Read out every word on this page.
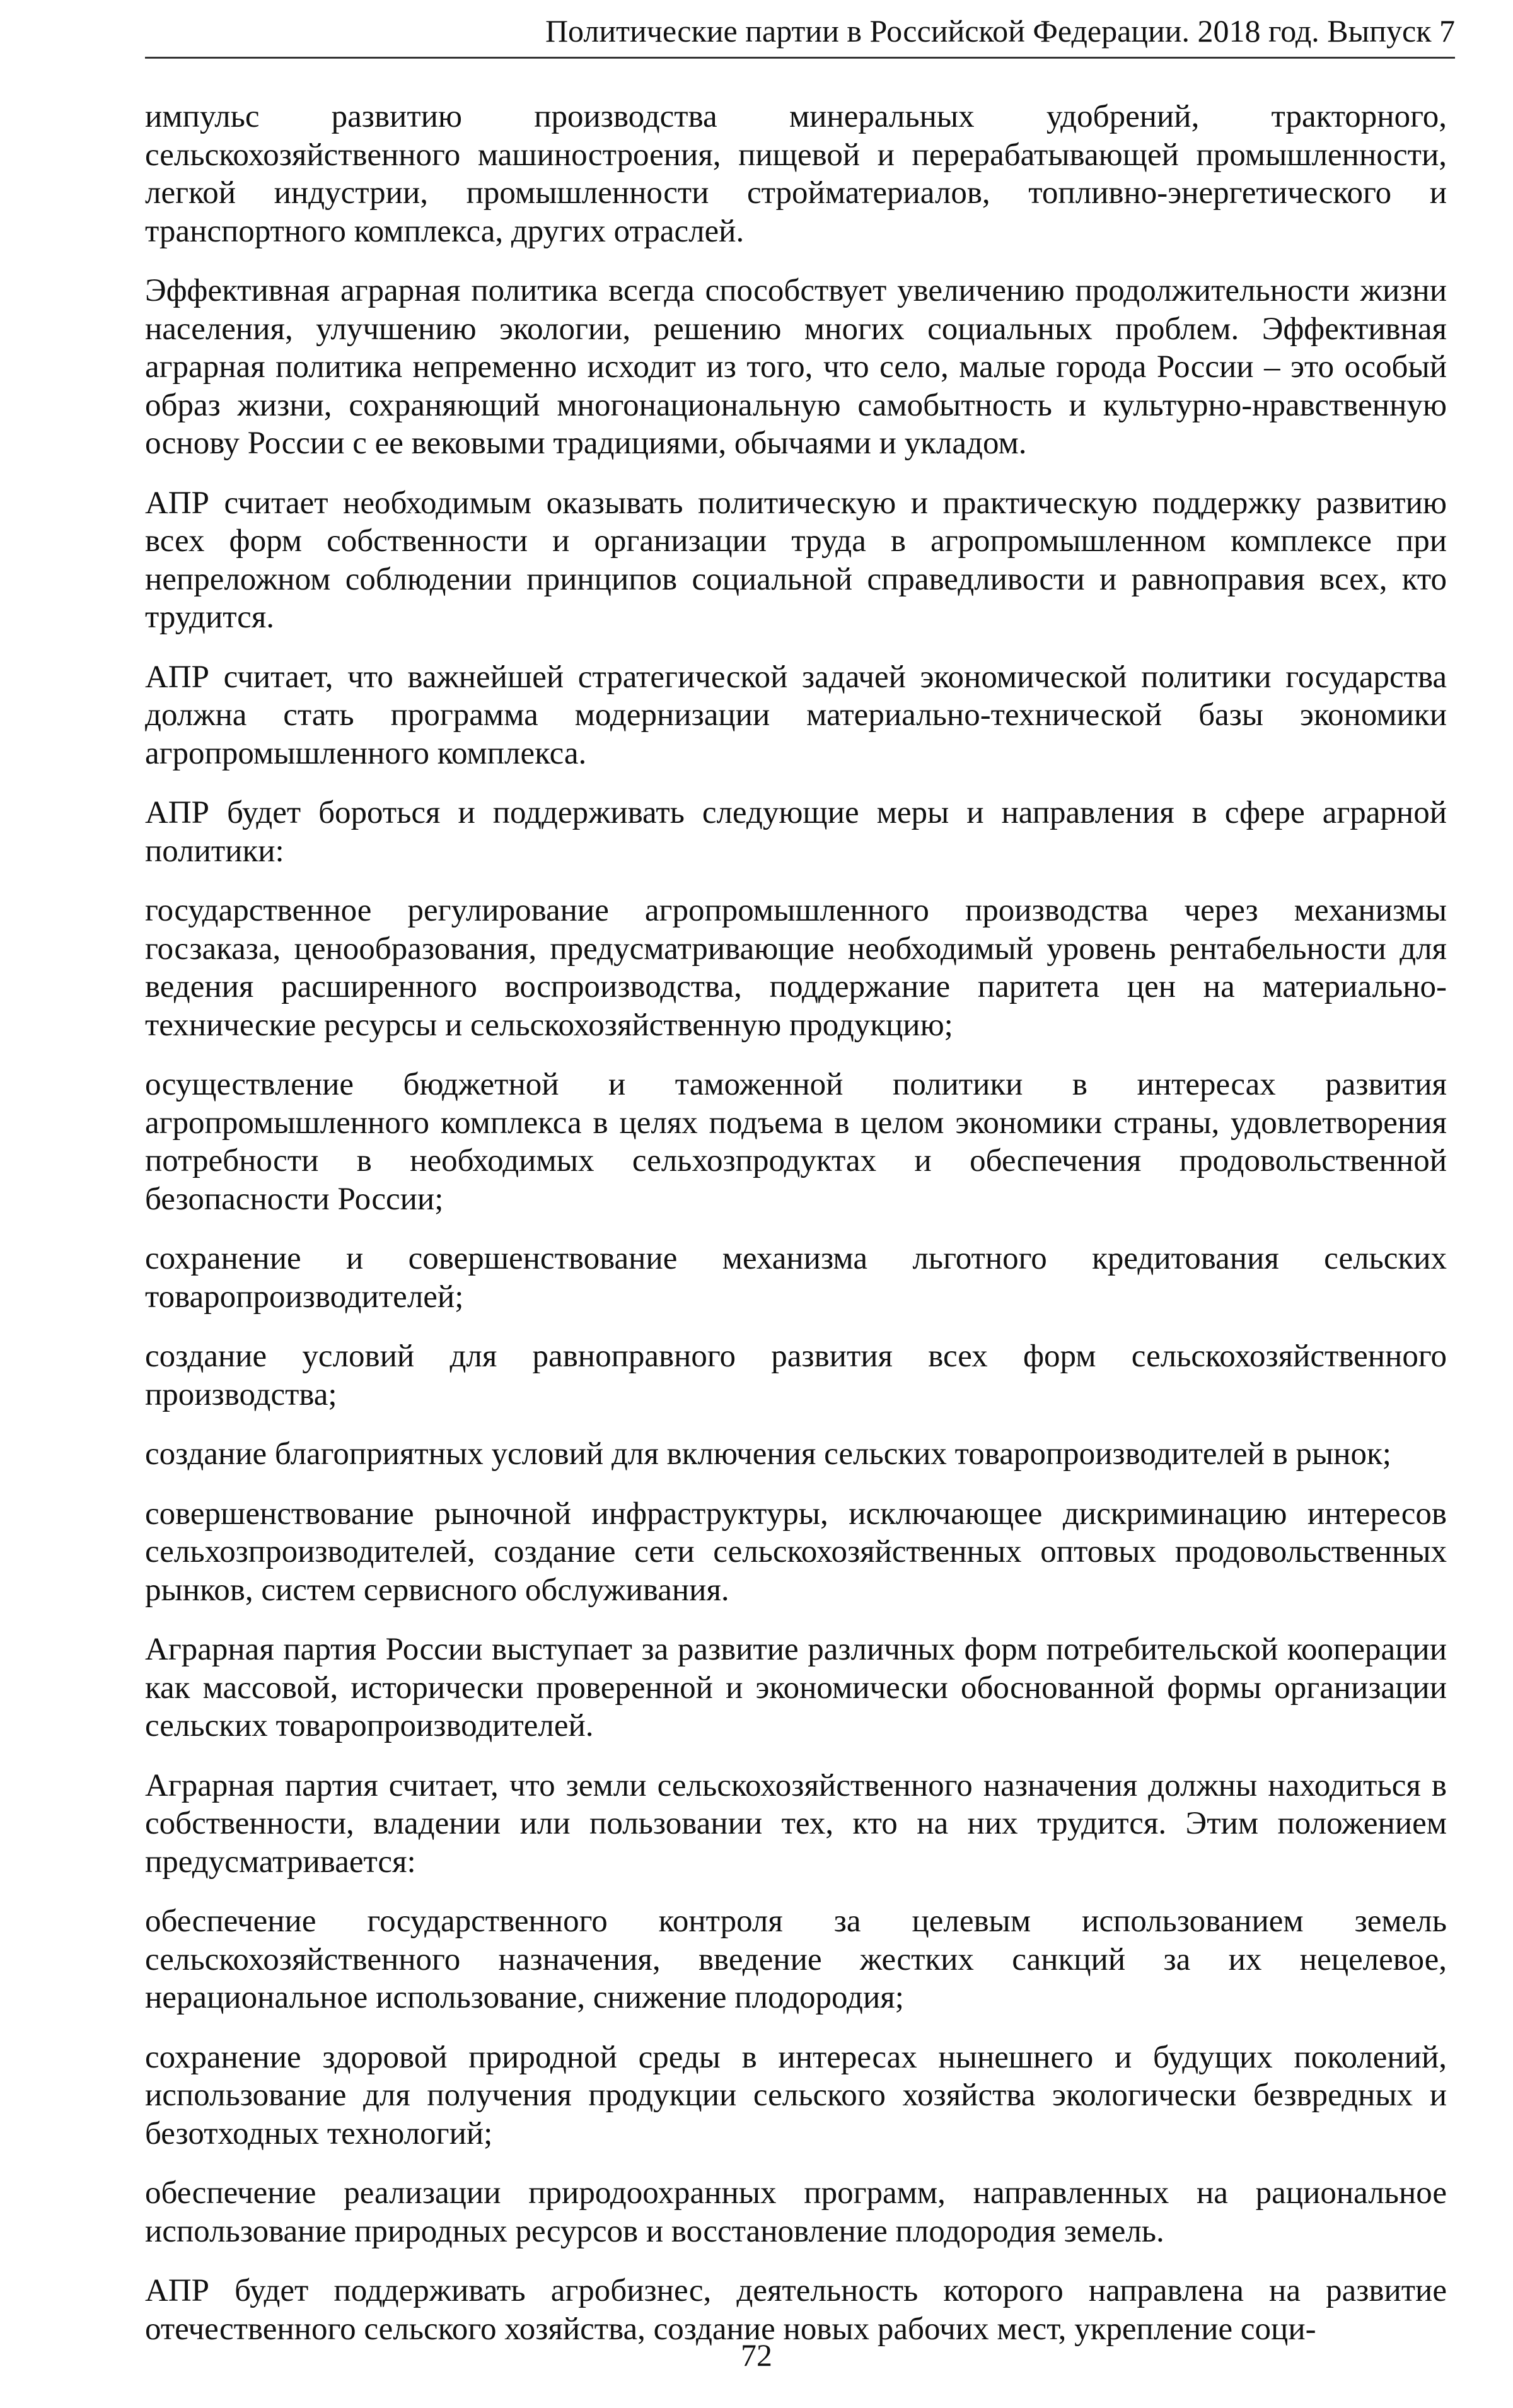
Политические партии в Российской Федерации. 2018 год. Выпуск 7

импульс развитию производства минеральных удобрений, тракторного, сельскохозяйственного машиностроения, пищевой и перерабатывающей промышленности, легкой индустрии, промышленности стройматериалов, топливно-энергетического и транспортного комплекса, других отраслей.

Эффективная аграрная политика всегда способствует увеличению продолжительности жизни населения, улучшению экологии, решению многих социальных проблем. Эффективная аграрная политика непременно исходит из того, что село, малые города России – это особый образ жизни, сохраняющий многонациональную самобытность и культурно-нравственную основу России с ее вековыми традициями, обычаями и укладом.

АПР считает необходимым оказывать политическую и практическую поддержку развитию всех форм собственности и организации труда в агропромышленном комплексе при непреложном соблюдении принципов социальной справедливости и равноправия всех, кто трудится.

АПР считает, что важнейшей стратегической задачей экономической политики государства должна стать программа модернизации материально-технической базы экономики агропромышленного комплекса.

АПР будет бороться и поддерживать следующие меры и направления в сфере аграрной политики:

государственное регулирование агропромышленного производства через механизмы госзаказа, ценообразования, предусматривающие необходимый уровень рентабельности для ведения расширенного воспроизводства, поддержание паритета цен на материально-технические ресурсы и сельскохозяйственную продукцию;

осуществление бюджетной и таможенной политики в интересах развития агропромышленного комплекса в целях подъема в целом экономики страны, удовлетворения потребности в необходимых сельхозпродуктах и обеспечения продовольственной безопасности России;

сохранение и совершенствование механизма льготного кредитования сельских товаропроизводителей;

создание условий для равноправного развития всех форм сельскохозяйственного производства;

создание благоприятных условий для включения сельских товаропроизводителей в рынок;

совершенствование рыночной инфраструктуры, исключающее дискриминацию интересов сельхозпроизводителей, создание сети сельскохозяйственных оптовых продовольственных рынков, систем сервисного обслуживания.

Аграрная партия России выступает за развитие различных форм потребительской кооперации как массовой, исторически проверенной и экономически обоснованной формы организации сельских товаропроизводителей.

Аграрная партия считает, что земли сельскохозяйственного назначения должны находиться в собственности, владении или пользовании тех, кто на них трудится. Этим положением предусматривается:

обеспечение государственного контроля за целевым использованием земель сельскохозяйственного назначения, введение жестких санкций за их нецелевое, нерациональное использование, снижение плодородия;

сохранение здоровой природной среды в интересах нынешнего и будущих поколений, использование для получения продукции сельского хозяйства экологически безвредных и безотходных технологий;

обеспечение реализации природоохранных программ, направленных на рациональное использование природных ресурсов и восстановление плодородия земель.

АПР будет поддерживать агробизнес, деятельность которого направлена на развитие отечественного сельского хозяйства, создание новых рабочих мест, укрепление соци-

72
